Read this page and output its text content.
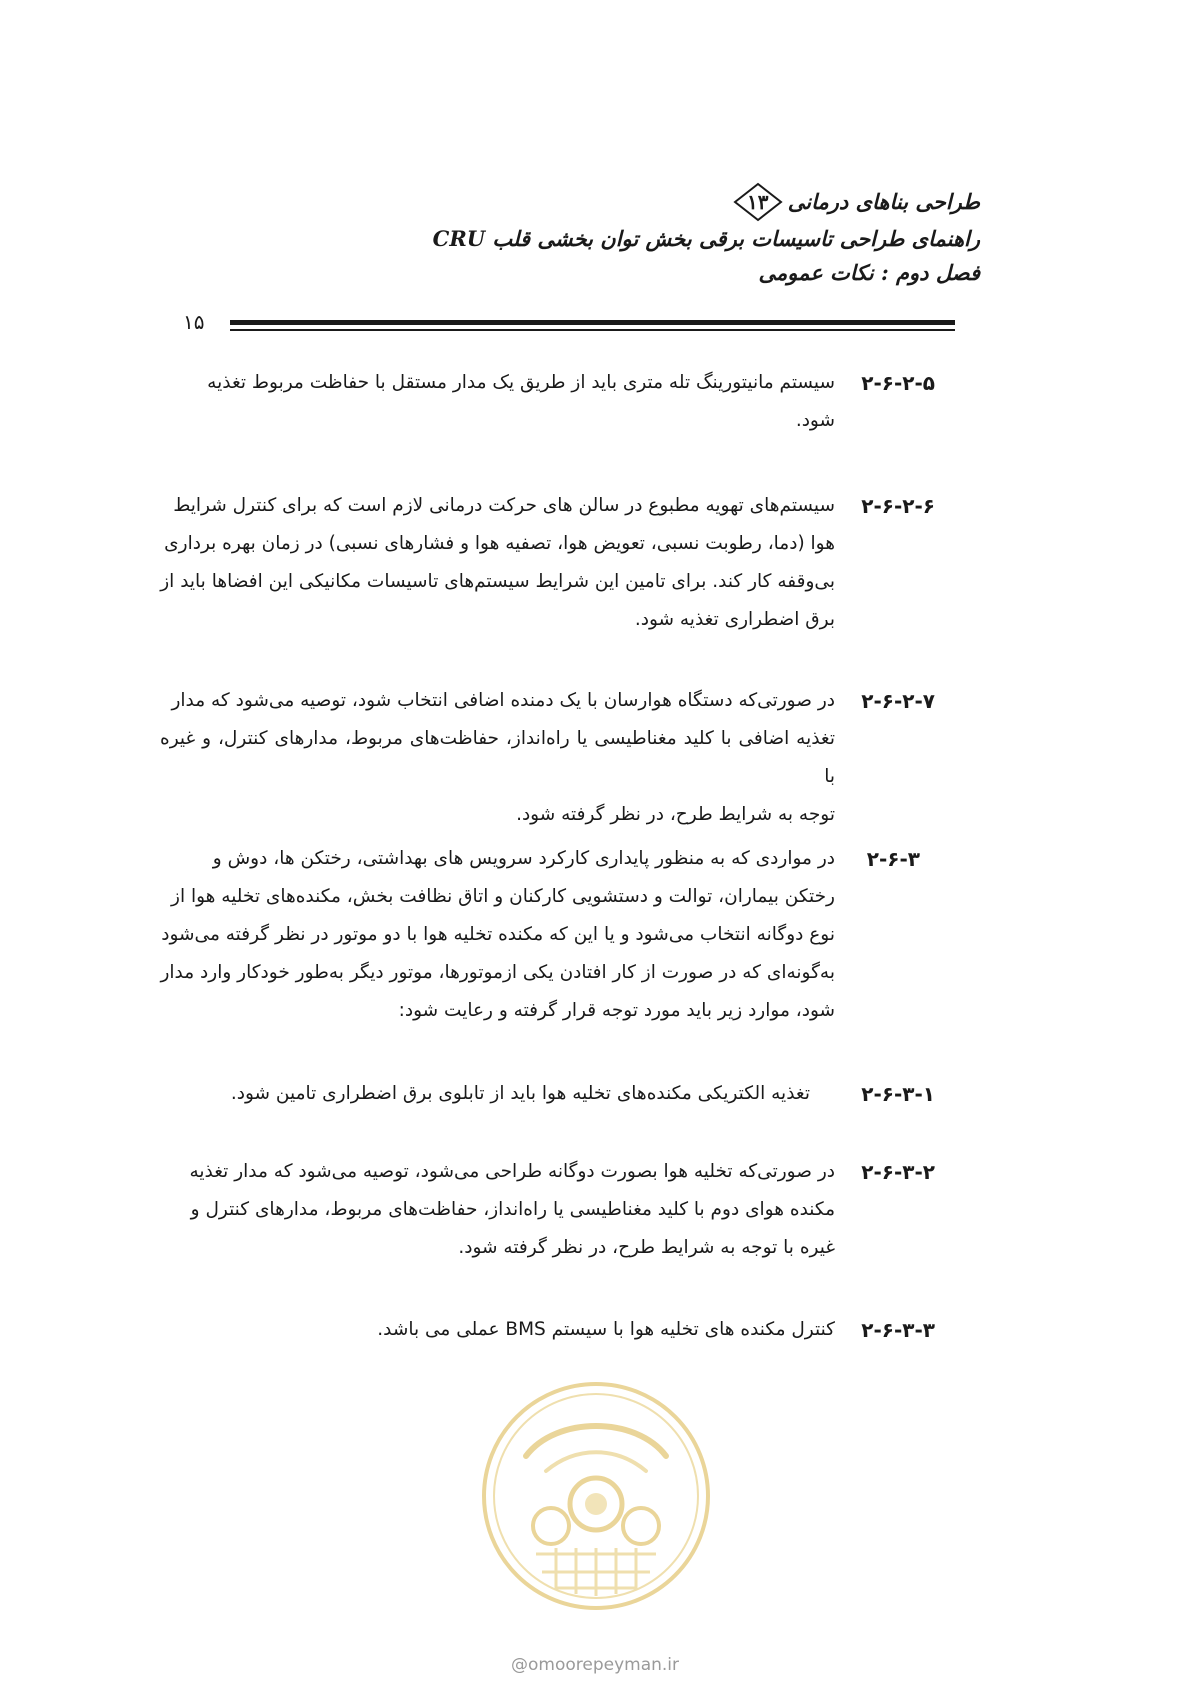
طراحی بناهای درمانی
۱۳
راهنمای طراحی تاسیسات برقی بخش توان بخشی قلب CRU
فصل دوم : نکات عمومی
۱۵
۲-۶-۲-۵
سیستم مانیتورینگ تله متری باید از طریق یک مدار مستقل با حفاظت مربوط تغذیه
شود.
۲-۶-۲-۶
سیستم‌های تهویه مطبوع در سالن های حرکت درمانی لازم است که برای کنترل شرایط
هوا (دما، رطوبت نسبی، تعویض هوا، تصفیه هوا و فشارهای نسبی) در زمان بهره برداری
بی‌وقفه کار کند. برای تامین این شرایط سیستم‌های تاسیسات مکانیکی این افضاها باید از
برق اضطراری تغذیه شود.
۲-۶-۲-۷
در صورتی‌که دستگاه هوارسان با یک دمنده اضافی انتخاب شود، توصیه می‌شود که مدار
تغذیه اضافی با کلید مغناطیسی یا راه‌انداز، حفاظت‌های مربوط، مدارهای کنترل، و غیره با
توجه به شرایط طرح، در نظر گرفته شود.
۲-۶-۳
در مواردی که به منظور پایداری کارکرد سرویس های بهداشتی، رختکن ها، دوش و
رختکن بیماران، توالت و دستشویی کارکنان و اتاق نظافت بخش، مکنده‌های تخلیه هوا از
نوع دوگانه انتخاب می‌شود و یا این که مکنده تخلیه هوا با دو موتور در نظر گرفته می‌شود
به‌گونه‌ای که در صورت از کار افتادن یکی ازموتورها، موتور دیگر به‌طور خودکار وارد مدار
شود، موارد زیر باید مورد توجه قرار گرفته و رعایت شود:
۲-۶-۳-۱
تغذیه الکتریکی مکنده‌های تخلیه هوا باید از تابلوی برق اضطراری تامین شود.
۲-۶-۳-۲
در صورتی‌که تخلیه هوا بصورت دوگانه طراحی می‌شود، توصیه می‌شود که مدار تغذیه
مکنده هوای دوم با کلید مغناطیسی یا راه‌انداز، حفاظت‌های مربوط، مدارهای کنترل و
غیره با توجه به شرایط طرح، در نظر گرفته شود.
۲-۶-۳-۳
کنترل مکنده های تخلیه هوا با سیستم BMS عملی می باشد.
@omoorepeyman.ir
